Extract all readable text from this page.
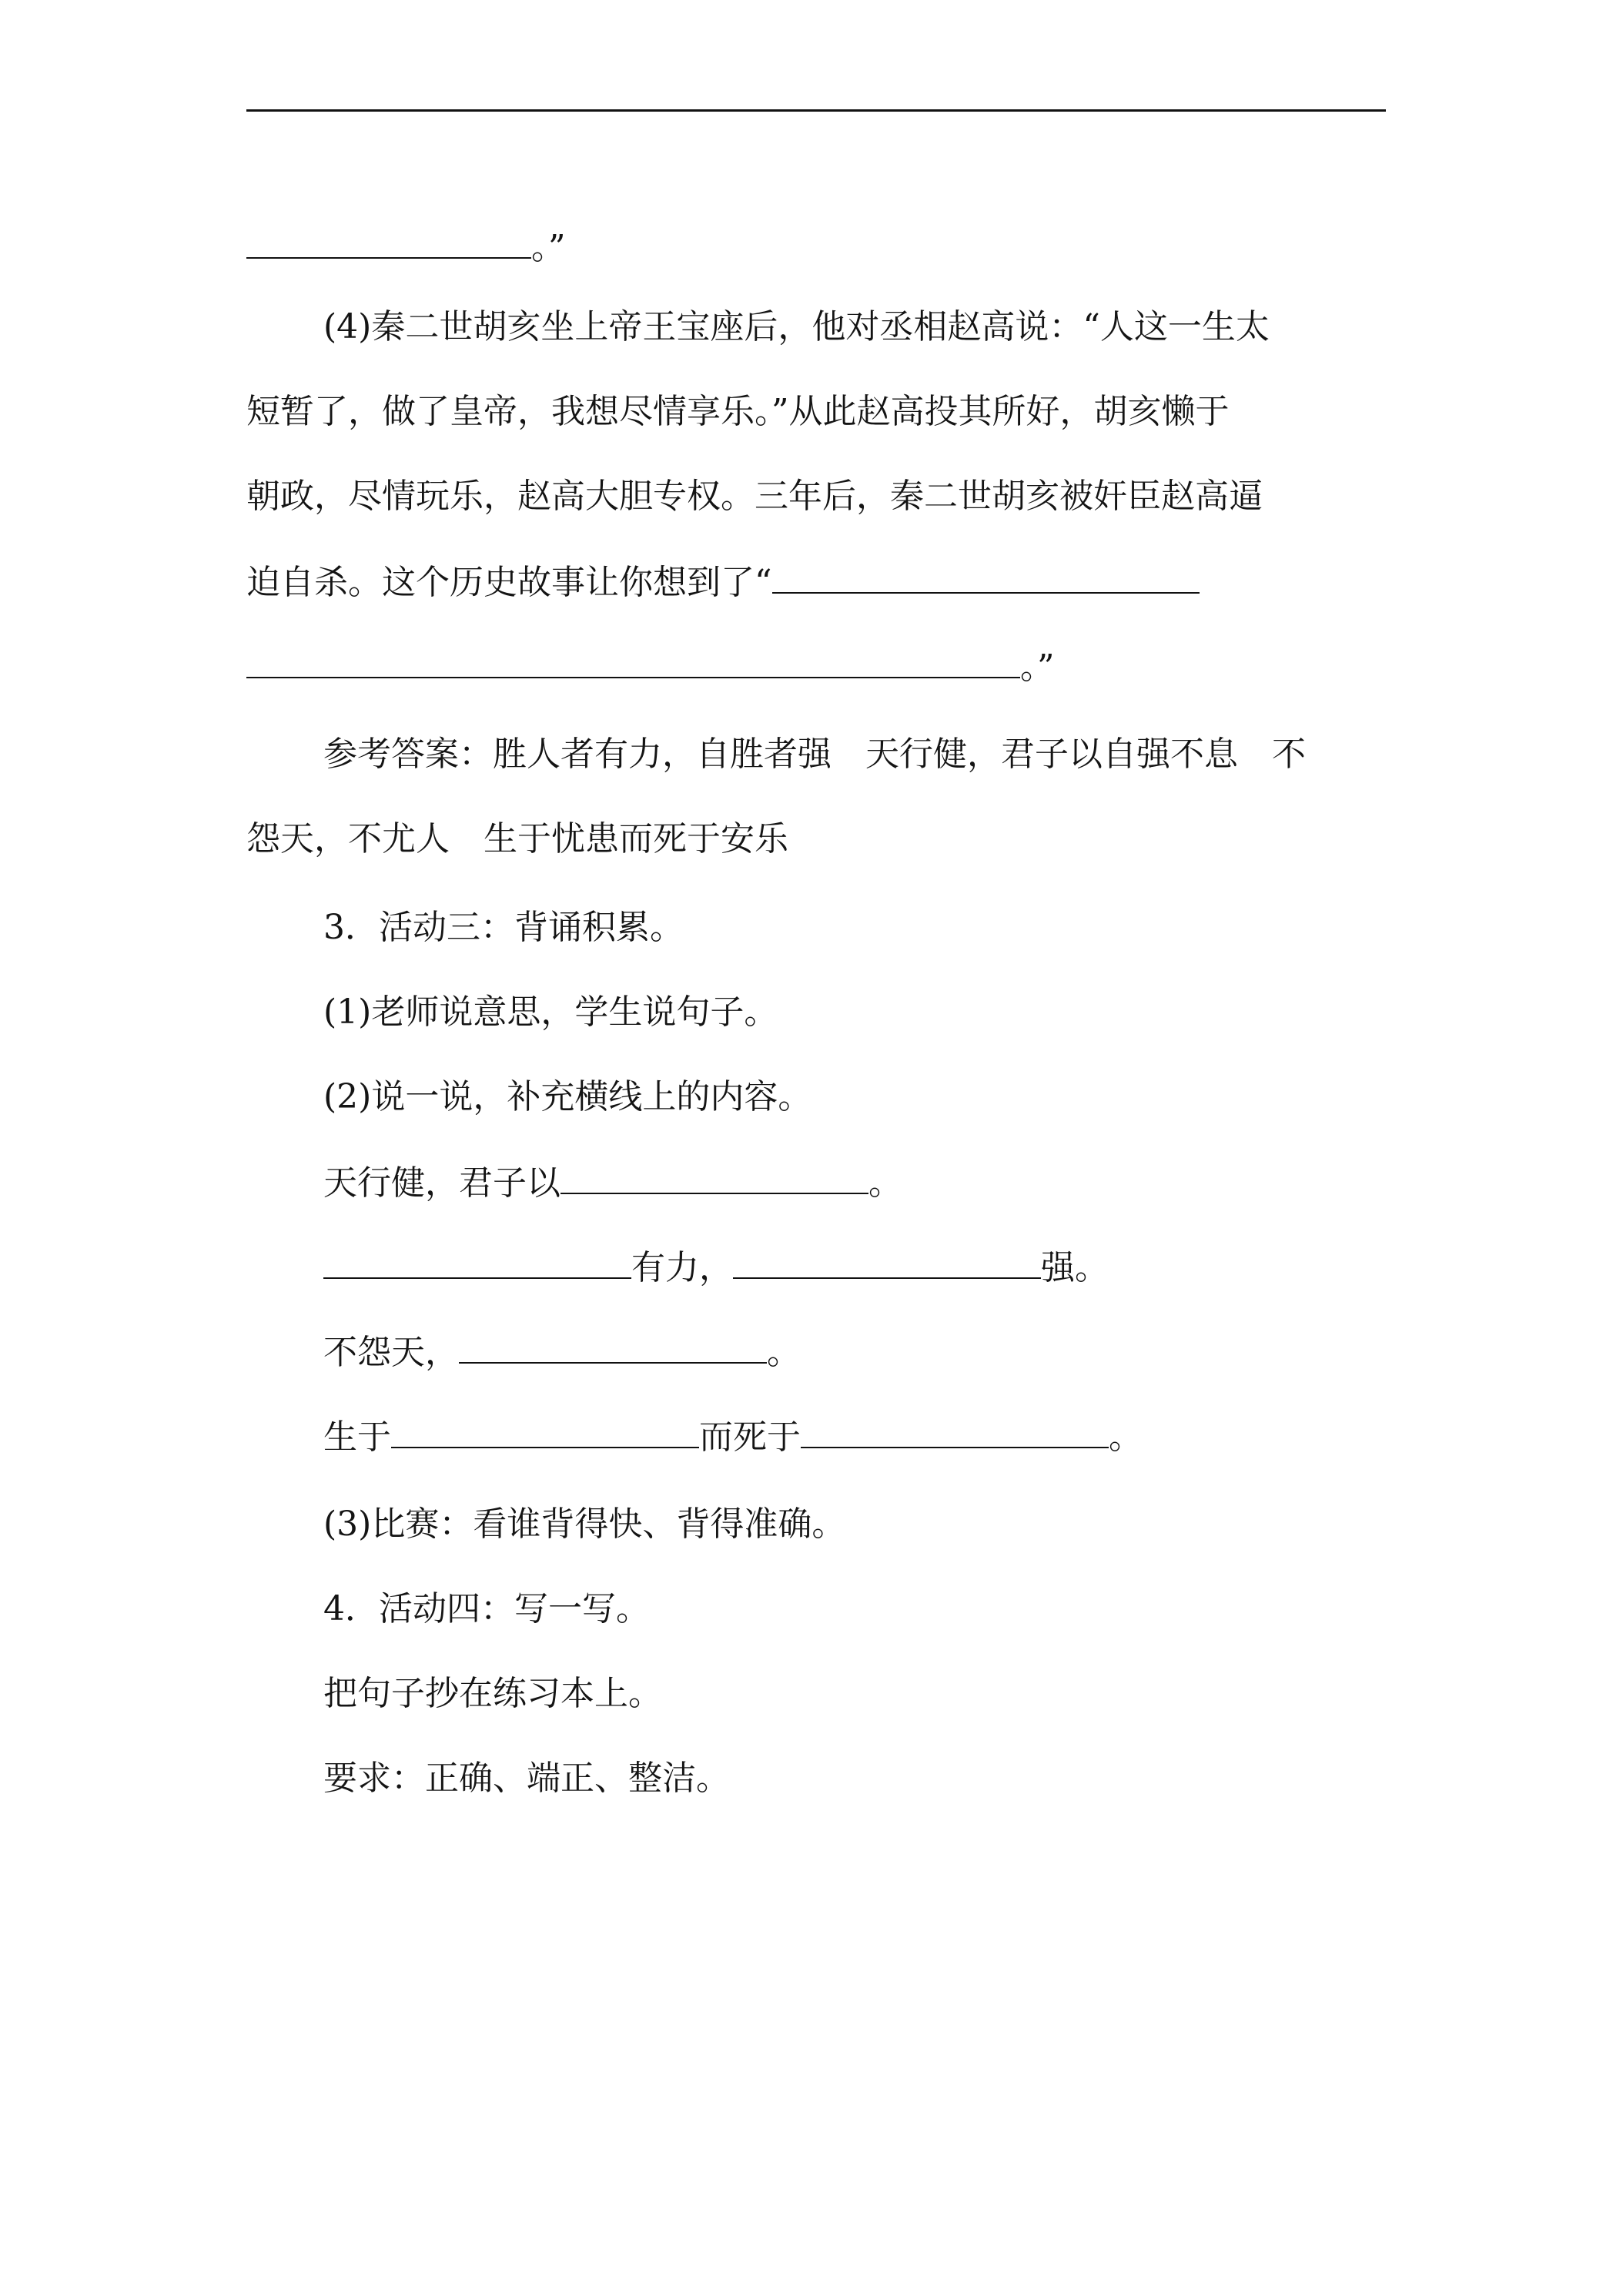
。”
(4)秦二世胡亥坐上帝王宝座后，他对丞相赵高说：“人这一生太
短暂了，做了皇帝，我想尽情享乐。”从此赵高投其所好，胡亥懒于
朝政，尽情玩乐，赵高大胆专权。三年后，秦二世胡亥被奸臣赵高逼
迫自杀。这个历史故事让你想到了“
。”
参考答案：胜人者有力，自胜者强 天行健，君子以自强不息 不
怨天，不尤人 生于忧患而死于安乐
3．活动三：背诵积累。
(1)老师说意思，学生说句子。
(2)说一说，补充横线上的内容。
天行健，君子以	。
有力，	强。
不怨天，	。
生于	而死于	。
(3)比赛：看谁背得快、背得准确。
4．活动四：写一写。
把句子抄在练习本上。
要求：正确、端正、整洁。
